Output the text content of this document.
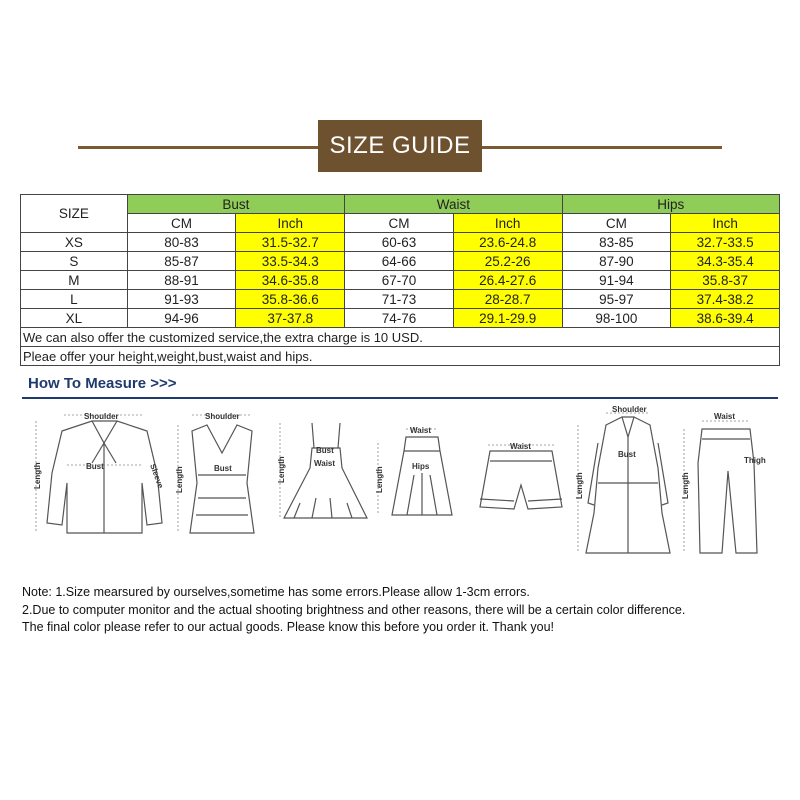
SIZE GUIDE
SIZE	Bust		Waist		Hips	
	CM	Inch	CM	Inch	CM	Inch
XS	80-83	31.5-32.7	60-63	23.6-24.8	83-85	32.7-33.5
S	85-87	33.5-34.3	64-66	25.2-26	87-90	34.3-35.4
M	88-91	34.6-35.8	67-70	26.4-27.6	91-94	35.8-37
L	91-93	35.8-36.6	71-73	28-28.7	95-97	37.4-38.2
XL	94-96	37-37.8	74-76	29.1-29.9	98-100	38.6-39.4
We can also offer the customized service,the extra charge is 10 USD.						
Pleae offer your height,weight,bust,waist and hips.						
How To Measure >>>
Shoulder
Bust	Sleeve
Length
Shoulder
Bust
Length
Bust
Waist
Length
Waist
Hips
Length
Waist
Shoulder
Bust
Length
Waist
Thigh
Length
Note: 1.Size mearsured by ourselves,sometime has some errors.Please allow 1-3cm errors.
2.Due to computer monitor and the actual shooting brightness and other reasons, there will be a certain color difference.
The final color please refer to our actual goods. Please know this before you order it. Thank you!
